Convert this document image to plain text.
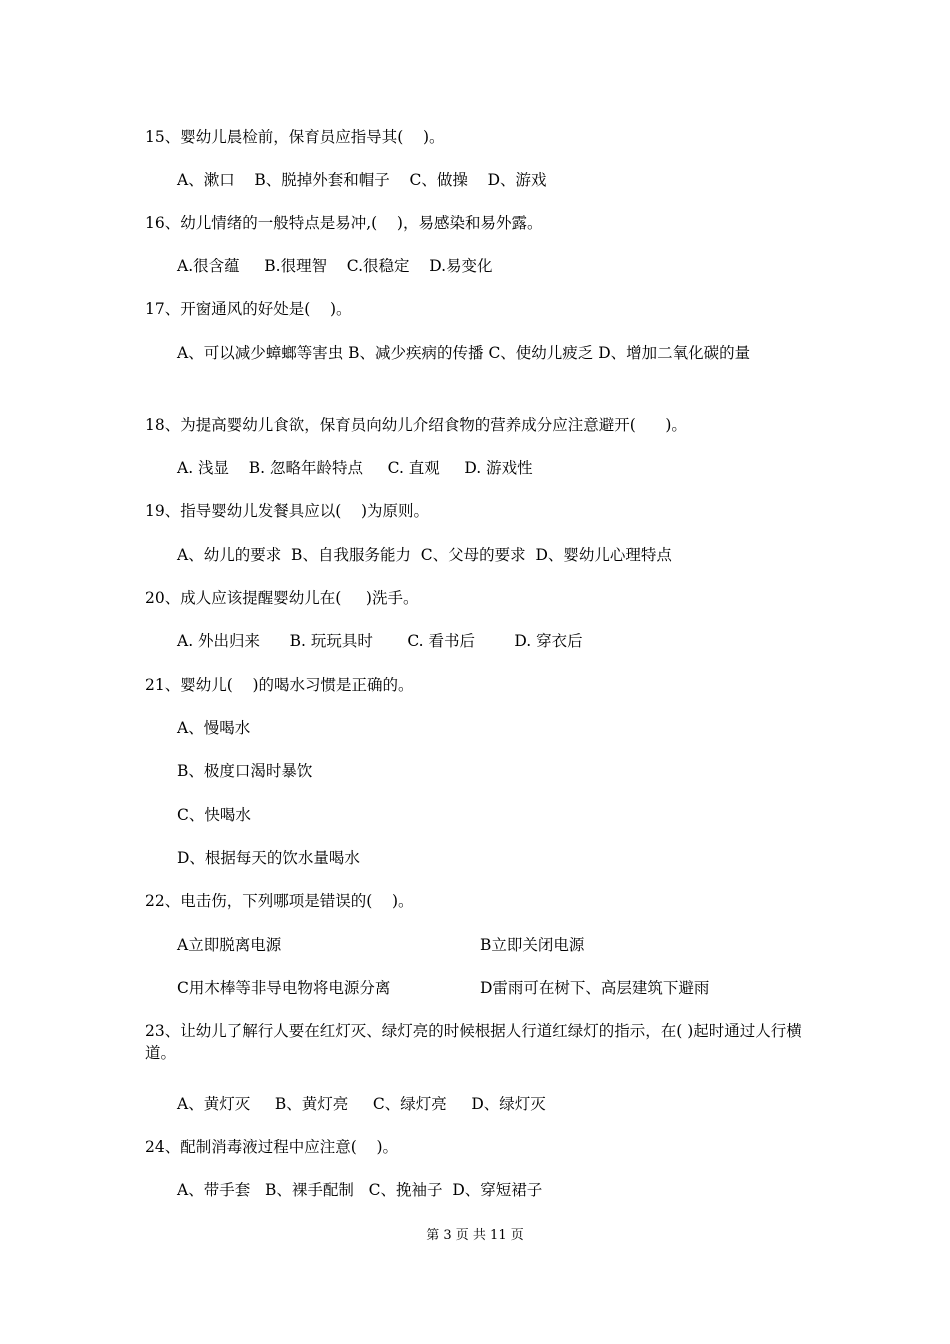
15、婴幼儿晨检前，保育员应指导其(    )。
A、漱口    B、脱掉外套和帽子    C、做操    D、游戏
16、幼儿情绪的一般特点是易冲,(    )，易感染和易外露。
A.很含蕴     B.很理智    C.很稳定    D.易变化
17、开窗通风的好处是(    )。
A、可以减少蟑螂等害虫 B、减少疾病的传播 C、使幼儿疲乏 D、增加二氧化碳的量
18、为提高婴幼儿食欲，保育员向幼儿介绍食物的营养成分应注意避开(      )。
A. 浅显    B. 忽略年龄特点     C. 直观     D. 游戏性
19、指导婴幼儿发餐具应以(    )为原则。
A、幼儿的要求  B、自我服务能力  C、父母的要求  D、婴幼儿心理特点
20、成人应该提醒婴幼儿在(     )洗手。
A. 外出归来      B. 玩玩具时       C. 看书后        D. 穿衣后
21、婴幼儿(    )的喝水习惯是正确的。
A、慢喝水
B、极度口渴时暴饮
C、快喝水
D、根据每天的饮水量喝水
22、电击伤，下列哪项是错误的(    )。
A立即脱离电源	B立即关闭电源
C用木棒等非导电物将电源分离	D雷雨可在树下、高层建筑下避雨
23、让幼儿了解行人要在红灯灭、绿灯亮的时候根据人行道红绿灯的指示，在( )起时通过人行横道。
A、黄灯灭     B、黄灯亮     C、绿灯亮     D、绿灯灭
24、配制消毒液过程中应注意(    )。
A、带手套   B、裸手配制   C、挽袖子  D、穿短裙子
第 3 页 共 11 页
